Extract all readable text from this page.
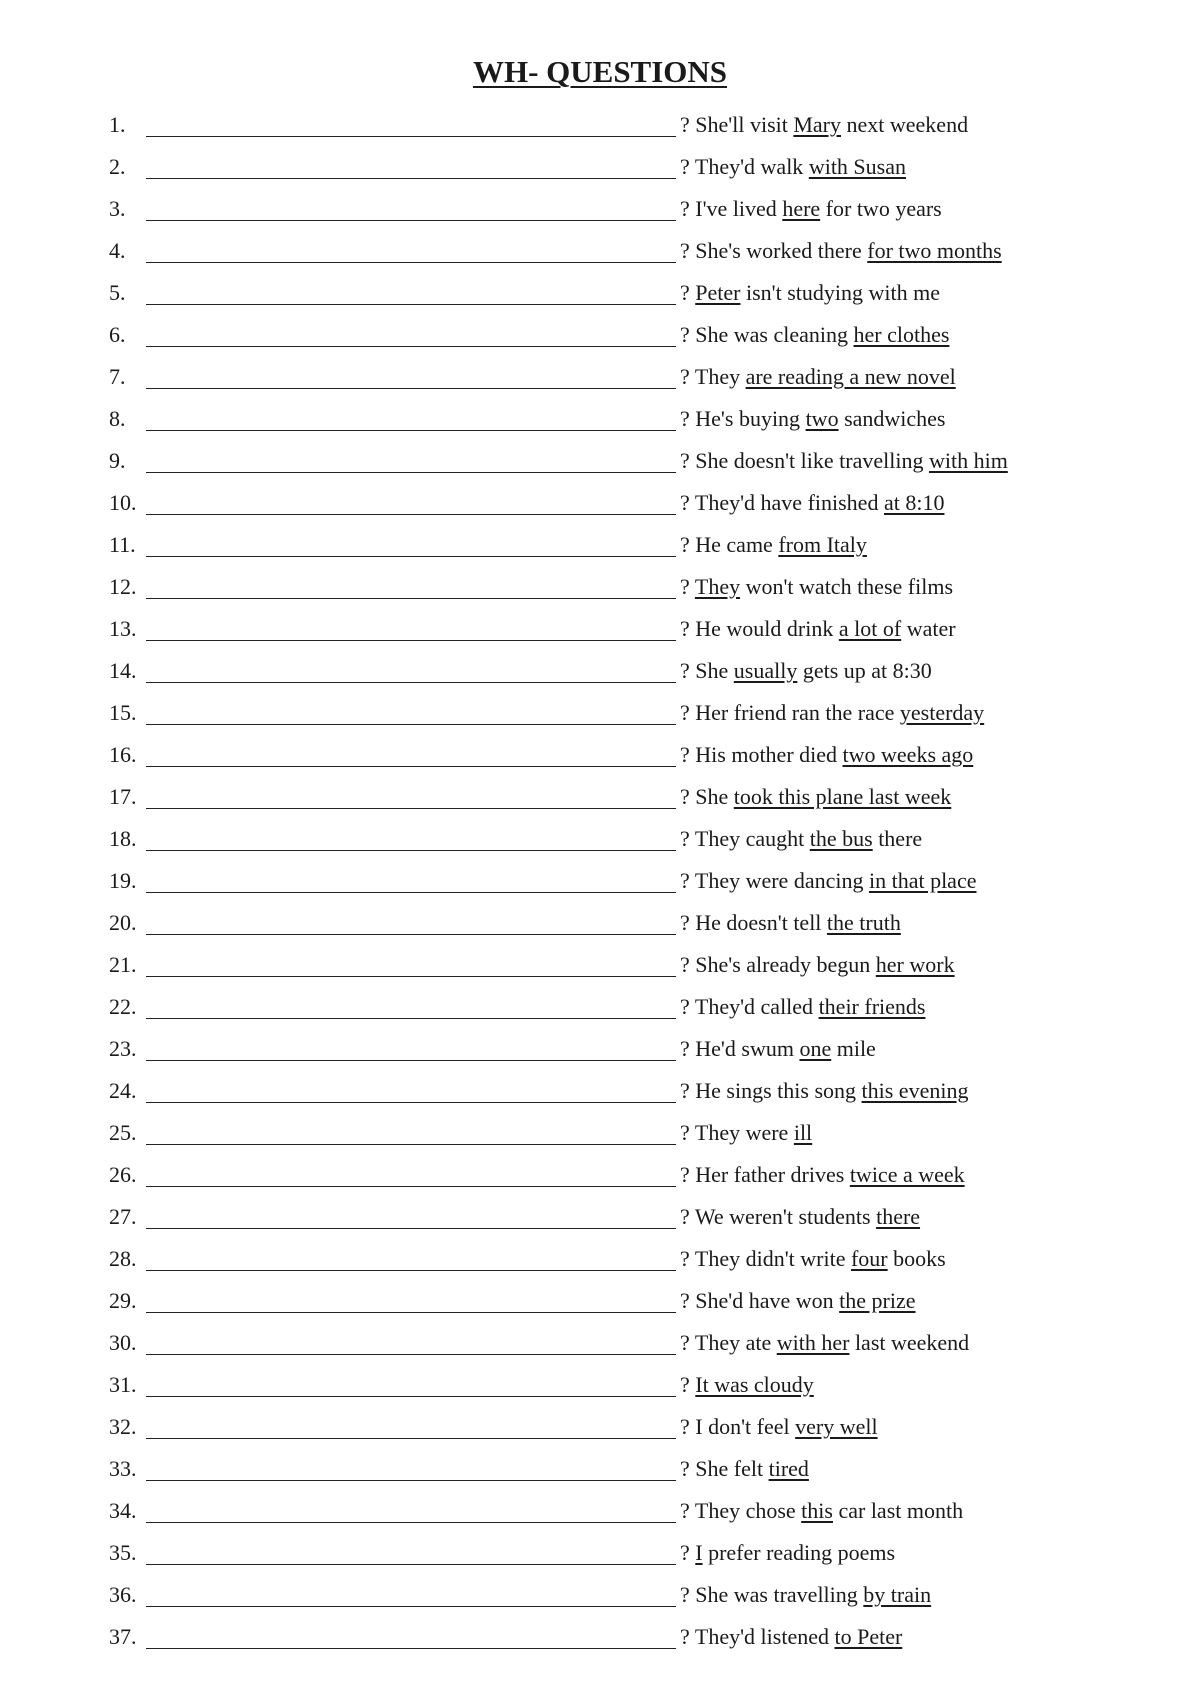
WH- QUESTIONS
1.	? She'll visit Mary next weekend
2.	? They'd walk with Susan
3.	? I've lived here for two years
4.	? She's worked there for two months
5.	? Peter isn't studying with me
6.	? She was cleaning her clothes
7.	? They are reading a new novel
8.	? He's buying two sandwiches
9.	? She doesn't like travelling with him
10.	? They'd have finished at 8:10
11.	? He came from Italy
12.	? They won't watch these films
13.	? He would drink a lot of water
14.	? She usually gets up at 8:30
15.	? Her friend ran the race yesterday
16.	? His mother died two weeks ago
17.	? She took this plane last week
18.	? They caught the bus there
19.	? They were dancing in that place
20.	? He doesn't tell the truth
21.	? She's already begun her work
22.	? They'd called their friends
23.	? He'd swum one mile
24.	? He sings this song this evening
25.	? They were ill
26.	? Her father drives twice a week
27.	? We weren't students there
28.	? They didn't write four books
29.	? She'd have won the prize
30.	? They ate with her last weekend
31.	? It was cloudy
32.	? I don't feel very well
33.	? She felt tired
34.	? They chose this car last month
35.	? I prefer reading poems
36.	? She was travelling by train
37.	? They'd listened to Peter
